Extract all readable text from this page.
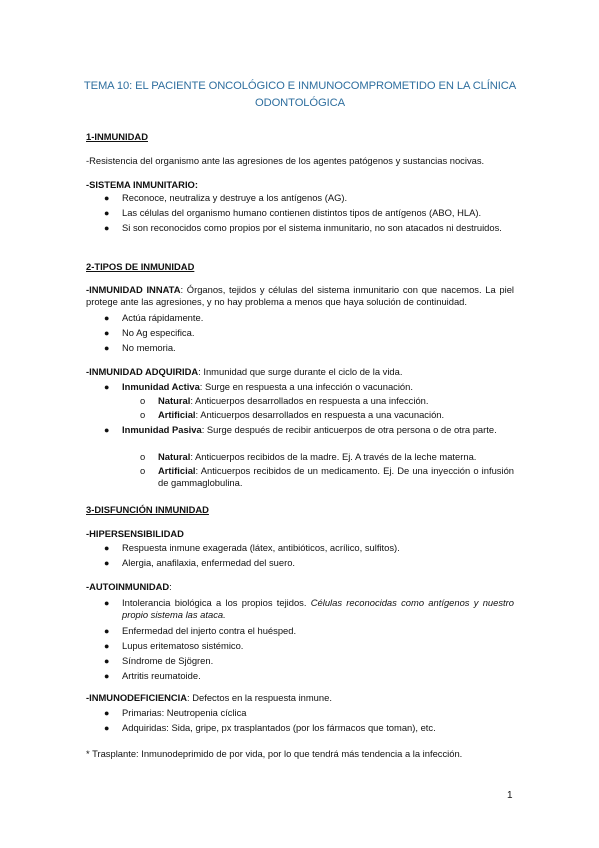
TEMA 10: EL PACIENTE ONCOLÓGICO E INMUNOCOMPROMETIDO EN LA CLÍNICA ODONTOLÓGICA
1-INMUNIDAD
-Resistencia del organismo ante las agresiones de los agentes patógenos y sustancias nocivas.
-SISTEMA INMUNITARIO:
● Reconoce, neutraliza y destruye a los antígenos (AG).
● Las células del organismo humano contienen distintos tipos de antígenos (ABO, HLA).
● Si son reconocidos como propios por el sistema inmunitario, no son atacados ni destruidos.
2-TIPOS DE INMUNIDAD
-INMUNIDAD INNATA: Órganos, tejidos y células del sistema inmunitario con que nacemos. La piel protege ante las agresiones, y no hay problema a menos que haya solución de continuidad.
● Actúa rápidamente.
● No Ag especifica.
● No memoria.
-INMUNIDAD ADQUIRIDA: Inmunidad que surge durante el ciclo de la vida.
● Inmunidad Activa: Surge en respuesta a una infección o vacunación.
o Natural: Anticuerpos desarrollados en respuesta a una infección.
o Artificial: Anticuerpos desarrollados en respuesta a una vacunación.
● Inmunidad Pasiva: Surge después de recibir anticuerpos de otra persona o de otra parte.
o Natural: Anticuerpos recibidos de la madre. Ej. A través de la leche materna.
o Artificial: Anticuerpos recibidos de un medicamento. Ej. De una inyección o infusión de gammaglobulina.
3-DISFUNCIÓN INMUNIDAD
-HIPERSENSIBILIDAD
● Respuesta inmune exagerada (látex, antibióticos, acrílico, sulfitos).
● Alergia, anafilaxia, enfermedad del suero.
-AUTOINMUNIDAD:
● Intolerancia biológica a los propios tejidos. Células reconocidas como antígenos y nuestro propio sistema las ataca.
● Enfermedad del injerto contra el huésped.
● Lupus eritematoso sistémico.
● Síndrome de Sjögren.
● Artritis reumatoide.
-INMUNODEFICIENCIA: Defectos en la respuesta inmune.
● Primarias: Neutropenia cíclica
● Adquiridas: Sida, gripe, px trasplantados (por los fármacos que toman), etc.
* Trasplante: Inmunodeprimido de por vida, por lo que tendrá más tendencia a la infección.
1
